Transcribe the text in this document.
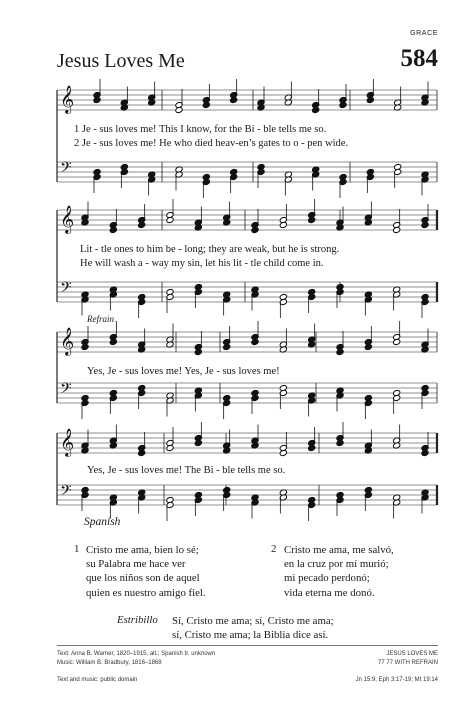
GRACE
Jesus Loves Me	584
𝄞
𝄢
𝄞
𝄢
𝄞
𝄢
𝄞
𝄢
1 Je - sus loves me! This I know, for the Bi - ble tells me so.
2 Je - sus loves me! He who died heav-en’s gates to o - pen wide.
Lit - tle ones to him be - long; they are weak, but he is strong.
He will wash a - way my sin, let his lit - tle child come in.
Refrain
Yes, Je - sus loves me! Yes, Je - sus loves me!
Yes, Je - sus loves me! The Bi - ble tells me so.
Spanish
1 Cristo me ama, bien lo sé;
su Palabra me hace ver
que los niños son de aquel
quien es nuestro amigo fiel.
2 Cristo me ama, me salvó,
en la cruz por mí murió;
mi pecado perdonó;
vida eterna me donó.
Estribillo Sí, Cristo me ama; sí, Cristo me ama;
sí, Cristo me ama; la Biblia dice así.
Text: Anna B. Warner, 1820–1915, alt.; Spanish tr. unknown
Music: William B. Bradbury, 1816–1868

Text and music: public domain
JESUS LOVES ME
77 77 WITH REFRAIN

Jn 15:9; Eph 3:17-19; Mt 19:14
